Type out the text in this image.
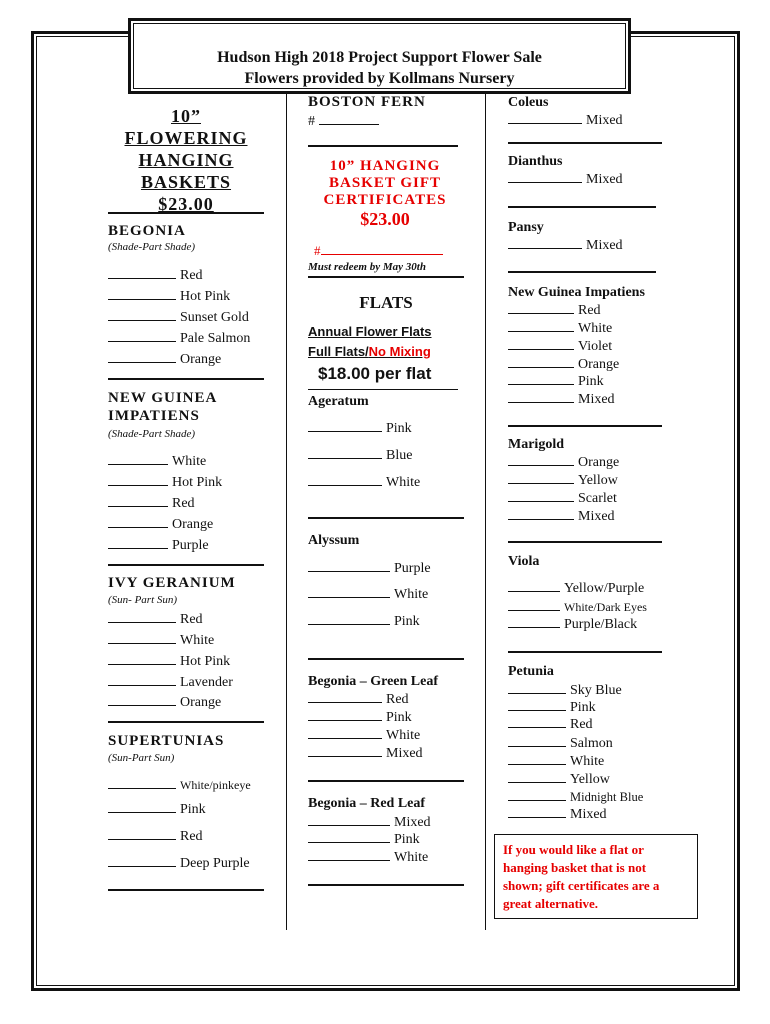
Hudson High 2018 Project Support Flower Sale
Flowers provided by Kollmans Nursery
10”
FLOWERING
HANGING
BASKETS
$23.00
BEGONIA
(Shade-Part Shade)
Red
Hot Pink
Sunset Gold
Pale Salmon
Orange
NEW GUINEA
IMPATIENS
(Shade-Part Shade)
White
Hot Pink
Red
Orange
Purple
IVY GERANIUM
(Sun- Part Sun)
Red
White
Hot Pink
Lavender
Orange
SUPERTUNIAS
(Sun-Part Sun)
White/pinkeye
Pink
Red
Deep Purple
BOSTON FERN
#
10” HANGING
BASKET GIFT
CERTIFICATES
$23.00
#
Must redeem by May 30th
FLATS
Annual Flower Flats
Full Flats/No Mixing
$18.00 per flat
Ageratum
Pink
Blue
White
Alyssum
Purple
White
Pink
Begonia – Green Leaf
Red
Pink
White
Mixed
Begonia – Red Leaf
Mixed
Pink
White
Coleus
Mixed
Dianthus
Mixed
Pansy
Mixed
New Guinea Impatiens
Red
White
Violet
Orange
Pink
Mixed
Marigold
Orange
Yellow
Scarlet
Mixed
Viola
Yellow/Purple
White/Dark Eyes
Purple/Black
Petunia
Sky Blue
Pink
Red
Salmon
White
Yellow
Midnight Blue
Mixed
If you would like a flat or hanging basket that is not shown; gift certificates are a great alternative.
